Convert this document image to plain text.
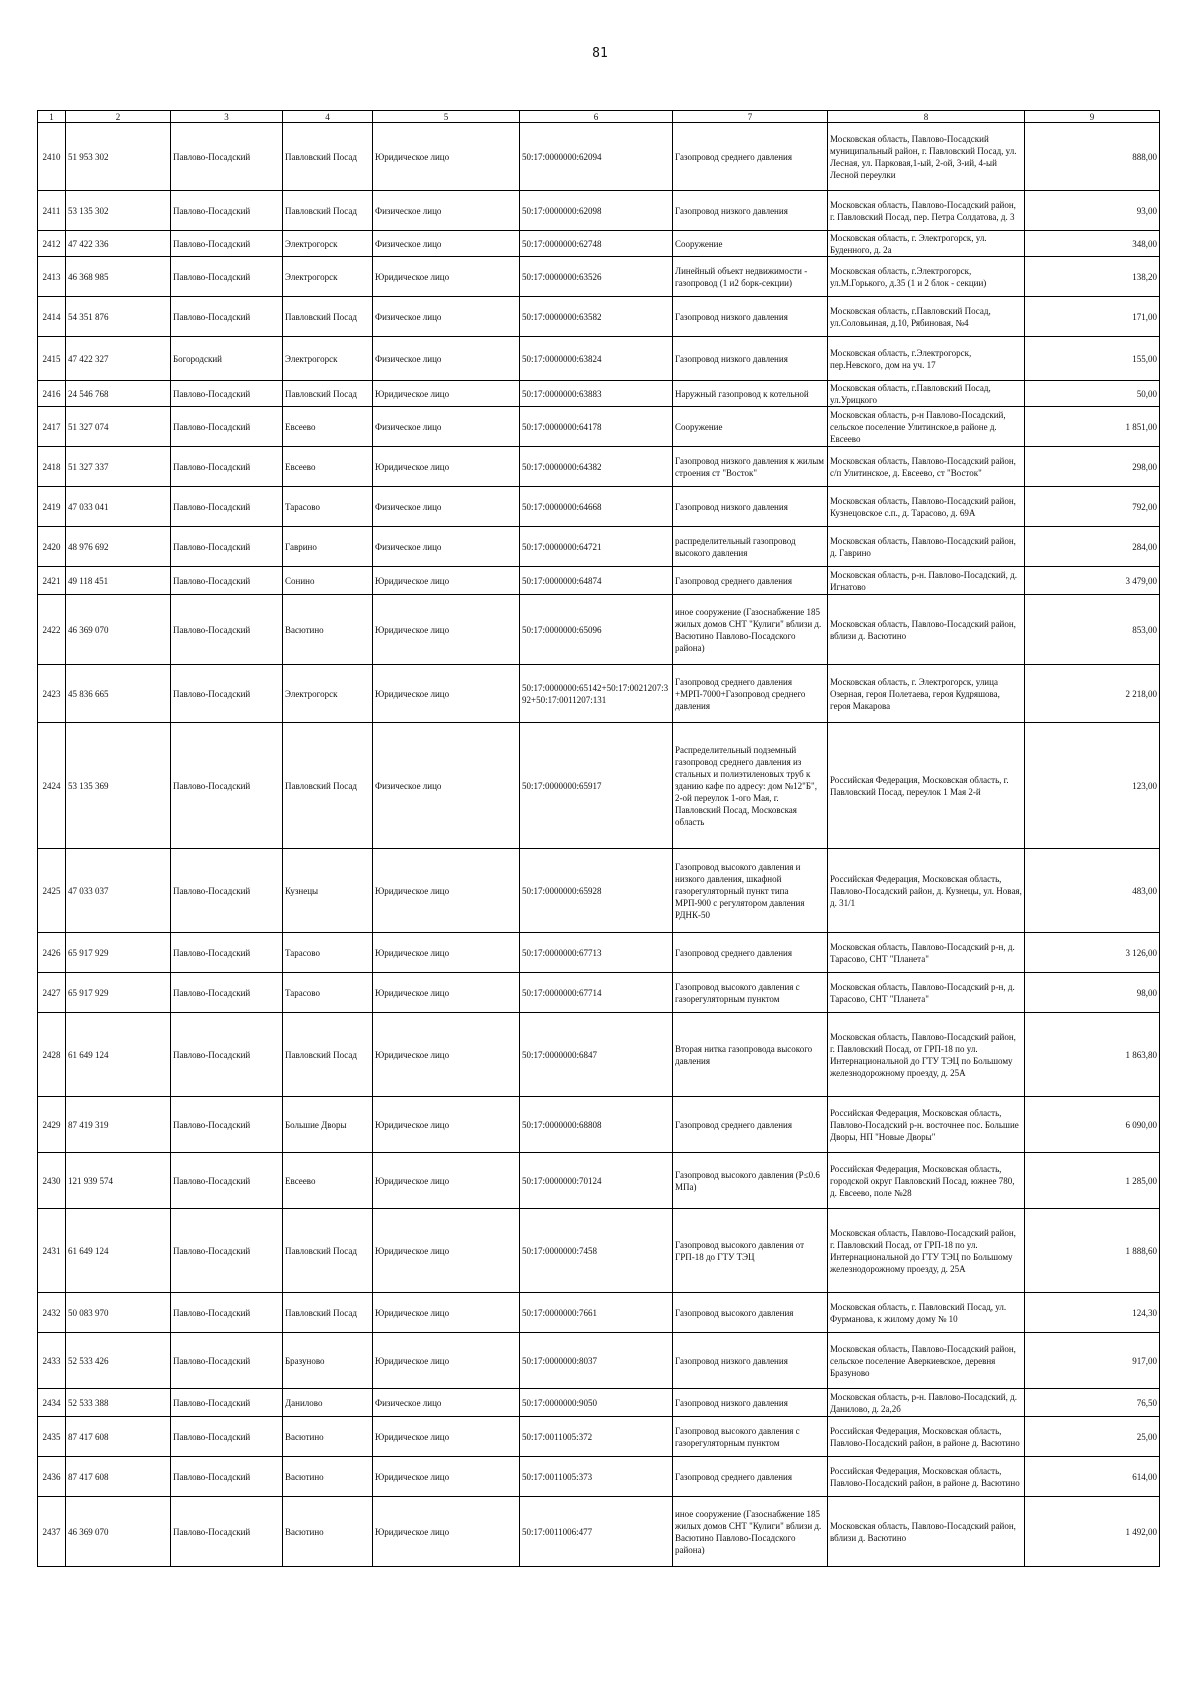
81
1	2	3	4	5	6	7	8	9
2410	51 953 302	Павлово-Посадский	Павловский Посад	Юридическое лицо	50:17:0000000:62094	Газопровод среднего давления	Московская область, Павлово-Посадский муниципальный район, г. Павловский Посад, ул. Лесная, ул. Парковая,1-ый, 2-ой, 3-ий, 4-ый Лесной переулки	888,00
2411	53 135 302	Павлово-Посадский	Павловский Посад	Физическое лицо	50:17:0000000:62098	Газопровод низкого давления	Московская область, Павлово-Посадский район, г. Павловский Посад, пер. Петра Солдатова, д. 3	93,00
2412	47 422 336	Павлово-Посадский	Электрогорск	Физическое лицо	50:17:0000000:62748	Сооружение	Московская область, г. Электрогорск, ул. Буденного, д. 2а	348,00
2413	46 368 985	Павлово-Посадский	Электрогорск	Юридическое лицо	50:17:0000000:63526	Линейный объект недвижимости - газопровод (1 и2 борк-секции)	Московская область, г.Электрогорск, ул.М.Горького, д.35 (1 и 2 блок - секции)	138,20
2414	54 351 876	Павлово-Посадский	Павловский Посад	Физическое лицо	50:17:0000000:63582	Газопровод низкого давления	Московская область, г.Павловский Посад, ул.Соловьиная, д.10, Рябиновая, №4	171,00
2415	47 422 327	Богородский	Электрогорск	Физическое лицо	50:17:0000000:63824	Газопровод низкого давления	Московская область, г.Электрогорск, пер.Невского, дом на уч. 17	155,00
2416	24 546 768	Павлово-Посадский	Павловский Посад	Юридическое лицо	50:17:0000000:63883	Наружный газопровод к котельной	Московская область, г.Павловский Посад, ул.Урицкого	50,00
2417	51 327 074	Павлово-Посадский	Евсеево	Физическое лицо	50:17:0000000:64178	Сооружение	Московская область, р-н Павлово-Посадский, сельское поселение Улитинское,в районе д. Евсеево	1 851,00
2418	51 327 337	Павлово-Посадский	Евсеево	Юридическое лицо	50:17:0000000:64382	Газопровод низкого давления к жилым строения ст "Восток"	Московская область, Павлово-Посадский район, с/п Улитинское, д. Евсеево, ст "Восток"	298,00
2419	47 033 041	Павлово-Посадский	Тарасово	Физическое лицо	50:17:0000000:64668	Газопровод низкого давления	Московская область, Павлово-Посадский район, Кузнецовское с.п., д. Тарасово, д. 69А	792,00
2420	48 976 692	Павлово-Посадский	Гаврино	Физическое лицо	50:17:0000000:64721	распределительный газопровод высокого давления	Московская область, Павлово-Посадский район, д. Гаврино	284,00
2421	49 118 451	Павлово-Посадский	Сонино	Юридическое лицо	50:17:0000000:64874	Газопровод среднего давления	Московская область, р-н. Павлово-Посадский, д. Игнатово	3 479,00
2422	46 369 070	Павлово-Посадский	Васютино	Юридическое лицо	50:17:0000000:65096	иное сооружение (Газоснабжение 185 жилых домов СНТ "Кулиги" вблизи д. Васютино Павлово-Посадского района)	Московская область, Павлово-Посадский район, вблизи д. Васютино	853,00
2423	45 836 665	Павлово-Посадский	Электрогорск	Юридическое лицо	50:17:0000000:65142+50:17:0021207:392+50:17:0011207:131	Газопровод среднего давления +МРП-7000+Газопровод среднего давления	Московская область, г. Электрогорск, улица Озерная, героя Полетаева, героя Кудряшова, героя Макарова	2 218,00
2424	53 135 369	Павлово-Посадский	Павловский Посад	Физическое лицо	50:17:0000000:65917	Распределительный подземный газопровод среднего давления из стальных и полиэтиленовых труб к зданию кафе по адресу: дом №12"Б", 2-ой переулок 1-ого Мая, г. Павловский Посад, Московская область	Российская Федерация, Московская область, г. Павловский Посад, переулок 1 Мая 2-й	123,00
2425	47 033 037	Павлово-Посадский	Кузнецы	Юридическое лицо	50:17:0000000:65928	Газопровод высокого давления и низкого давления, шкафной газорегуляторный пункт типа МРП-900 с регулятором давления РДНК-50	Российская Федерация, Московская область, Павлово-Посадский район, д. Кузнецы, ул. Новая, д. 31/1	483,00
2426	65 917 929	Павлово-Посадский	Тарасово	Юридическое лицо	50:17:0000000:67713	Газопровод среднего давления	Московская область, Павлово-Посадский р-н, д. Тарасово, СНТ "Планета"	3 126,00
2427	65 917 929	Павлово-Посадский	Тарасово	Юридическое лицо	50:17:0000000:67714	Газопровод высокого давления с газорегуляторным пунктом	Московская область, Павлово-Посадский р-н, д. Тарасово, СНТ "Планета"	98,00
2428	61 649 124	Павлово-Посадский	Павловский Посад	Юридическое лицо	50:17:0000000:6847	Вторая нитка газопровода высокого давления	Московская область, Павлово-Посадский район, г. Павловский Посад, от ГРП-18 по ул. Интернациональной до ГТУ ТЭЦ по Большому железнодорожному проезду, д. 25А	1 863,80
2429	87 419 319	Павлово-Посадский	Большие Дворы	Юридическое лицо	50:17:0000000:68808	Газопровод среднего давления	Российская Федерация, Московская область, Павлово-Посадский р-н. восточнее пос. Большие Дворы, НП "Новые Дворы"	6 090,00
2430	121 939 574	Павлово-Посадский	Евсеево	Юридическое лицо	50:17:0000000:70124	Газопровод высокого давления (P≤0.6 МПа)	Российская Федерация, Московская область, городской округ Павловский Посад, южнее 780, д. Евсеево, поле №28	1 285,00
2431	61 649 124	Павлово-Посадский	Павловский Посад	Юридическое лицо	50:17:0000000:7458	Газопровод высокого давления от ГРП-18 до ГТУ ТЭЦ	Московская область, Павлово-Посадский район, г. Павловский Посад, от ГРП-18 по ул. Интернациональной до ГТУ ТЭЦ по Большому железнодорожному проезду, д. 25А	1 888,60
2432	50 083 970	Павлово-Посадский	Павловский Посад	Юридическое лицо	50:17:0000000:7661	Газопровод высокого давления	Московская область, г. Павловский Посад, ул. Фурманова, к жилому дому № 10	124,30
2433	52 533 426	Павлово-Посадский	Бразуново	Юридическое лицо	50:17:0000000:8037	Газопровод низкого давления	Московская область, Павлово-Посадский район, сельское поселение Аверкиевское, деревня Бразуново	917,00
2434	52 533 388	Павлово-Посадский	Данилово	Физическое лицо	50:17:0000000:9050	Газопровод низкого давления	Московская область, р-н. Павлово-Посадский, д. Данилово, д. 2а,2б	76,50
2435	87 417 608	Павлово-Посадский	Васютино	Юридическое лицо	50:17:0011005:372	Газопровод высокого давления с газорегуляторным пунктом	Российская Федерация, Московская область, Павлово-Посадский район, в районе д. Васютино	25,00
2436	87 417 608	Павлово-Посадский	Васютино	Юридическое лицо	50:17:0011005:373	Газопровод среднего давления	Российская Федерация, Московская область, Павлово-Посадский район, в районе д. Васютино	614,00
2437	46 369 070	Павлово-Посадский	Васютино	Юридическое лицо	50:17:0011006:477	иное сооружение (Газоснабжение 185 жилых домов СНТ "Кулиги" вблизи д. Васютино Павлово-Посадского района)	Московская область, Павлово-Посадский район, вблизи д. Васютино	1 492,00
